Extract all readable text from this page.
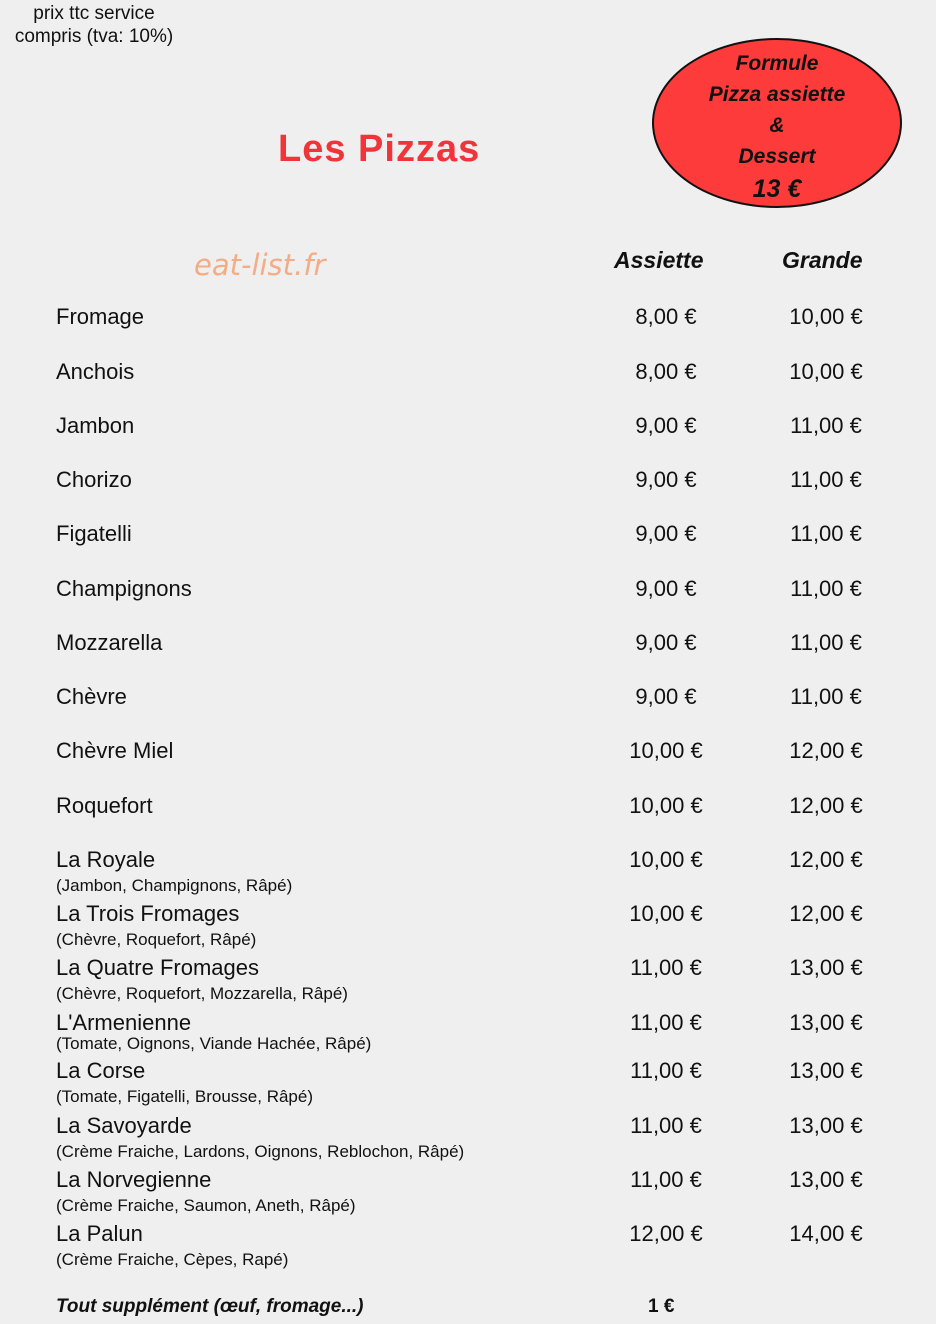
prix ttc service compris (tva: 10%)
Les Pizzas
Formule
Pizza assiette
&
Dessert
13 €
eat-list.fr	Assiette	Grande
Fromage	8,00 €	10,00 €
Anchois	8,00 €	10,00 €
Jambon	9,00 €	11,00 €
Chorizo	9,00 €	11,00 €
Figatelli	9,00 €	11,00 €
Champignons	9,00 €	11,00 €
Mozzarella	9,00 €	11,00 €
Chèvre	9,00 €	11,00 €
Chèvre Miel	10,00 €	12,00 €
Roquefort	10,00 €	12,00 €
La Royale
(Jambon, Champignons, Râpé)
10,00 €	12,00 €
La Trois Fromages
(Chèvre, Roquefort, Râpé)
10,00 €	12,00 €
La Quatre Fromages
(Chèvre, Roquefort, Mozzarella, Râpé)
11,00 €	13,00 €
L'Armenienne
(Tomate, Oignons, Viande Hachée, Râpé)
11,00 €	13,00 €
La Corse
(Tomate, Figatelli, Brousse, Râpé)
11,00 €	13,00 €
La Savoyarde
(Crème Fraiche, Lardons, Oignons, Reblochon, Râpé)
11,00 €	13,00 €
La Norvegienne
(Crème Fraiche, Saumon, Aneth, Râpé)
11,00 €	13,00 €
La Palun
(Crème Fraiche, Cèpes, Rapé)
12,00 €	14,00 €
Tout supplément (œuf, fromage...)	1 €
